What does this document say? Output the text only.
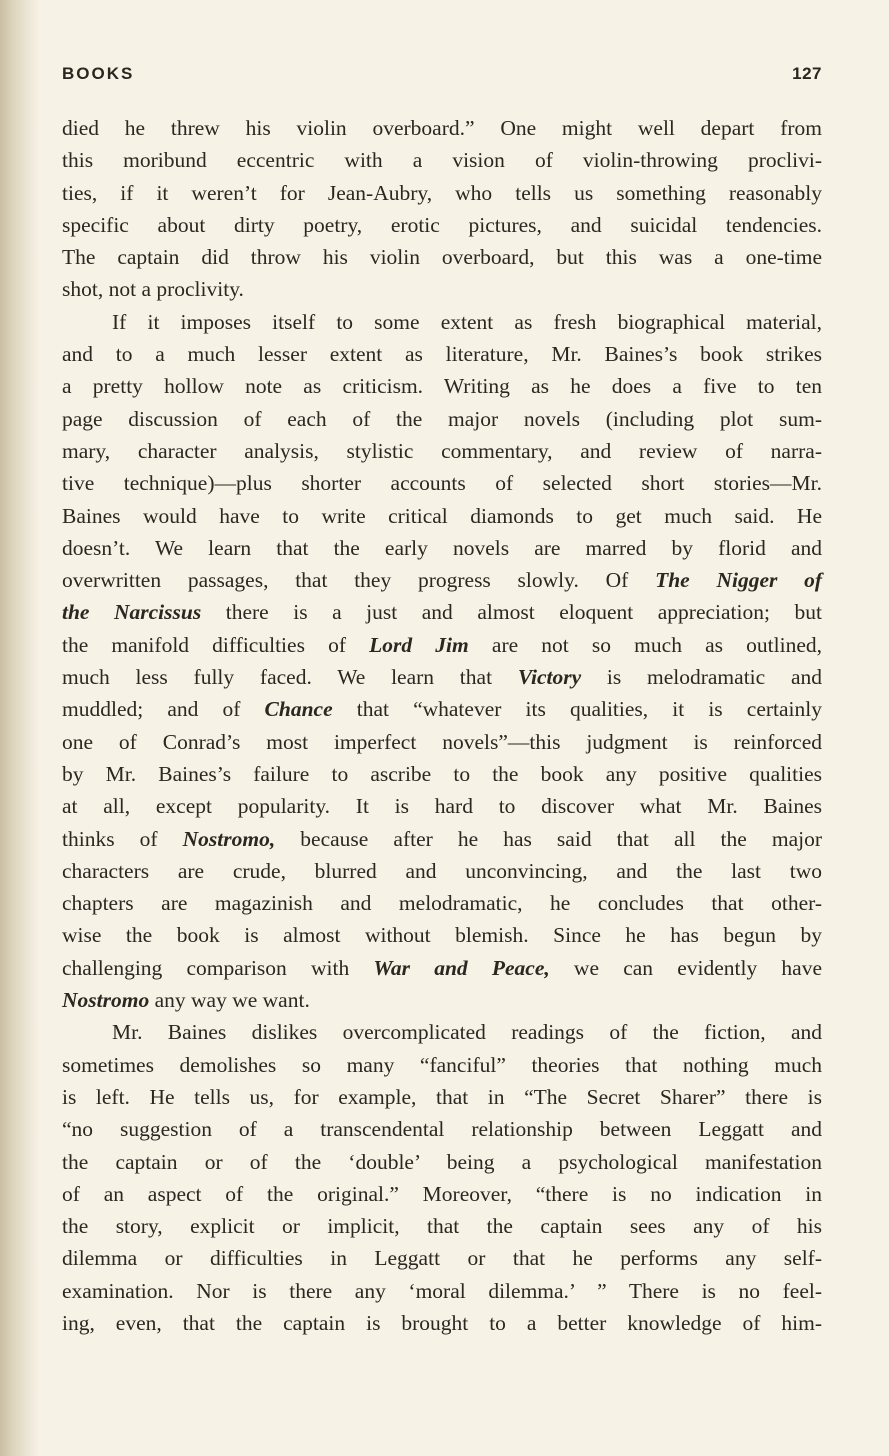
BOOKS	127
died he threw his violin overboard.” One might well depart from
this moribund eccentric with a vision of violin-throwing proclivi-
ties, if it weren’t for Jean-Aubry, who tells us something reasonably
specific about dirty poetry, erotic pictures, and suicidal tendencies.
The captain did throw his violin overboard, but this was a one-time
shot, not a proclivity.
If it imposes itself to some extent as fresh biographical material,
and to a much lesser extent as literature, Mr. Baines’s book strikes
a pretty hollow note as criticism. Writing as he does a five to ten
page discussion of each of the major novels (including plot sum-
mary, character analysis, stylistic commentary, and review of narra-
tive technique)—plus shorter accounts of selected short stories—Mr.
Baines would have to write critical diamonds to get much said. He
doesn’t. We learn that the early novels are marred by florid and
overwritten passages, that they progress slowly. Of The Nigger of
the Narcissus there is a just and almost eloquent appreciation; but
the manifold difficulties of Lord Jim are not so much as outlined,
much less fully faced. We learn that Victory is melodramatic and
muddled; and of Chance that “whatever its qualities, it is certainly
one of Conrad’s most imperfect novels”—this judgment is reinforced
by Mr. Baines’s failure to ascribe to the book any positive qualities
at all, except popularity. It is hard to discover what Mr. Baines
thinks of Nostromo, because after he has said that all the major
characters are crude, blurred and unconvincing, and the last two
chapters are magazinish and melodramatic, he concludes that other-
wise the book is almost without blemish. Since he has begun by
challenging comparison with War and Peace, we can evidently have
Nostromo any way we want.
Mr. Baines dislikes overcomplicated readings of the fiction, and
sometimes demolishes so many “fanciful” theories that nothing much
is left. He tells us, for example, that in “The Secret Sharer” there is
“no suggestion of a transcendental relationship between Leggatt and
the captain or of the ‘double’ being a psychological manifestation
of an aspect of the original.” Moreover, “there is no indication in
the story, explicit or implicit, that the captain sees any of his
dilemma or difficulties in Leggatt or that he performs any self-
examination. Nor is there any ‘moral dilemma.’ ” There is no feel-
ing, even, that the captain is brought to a better knowledge of him-
